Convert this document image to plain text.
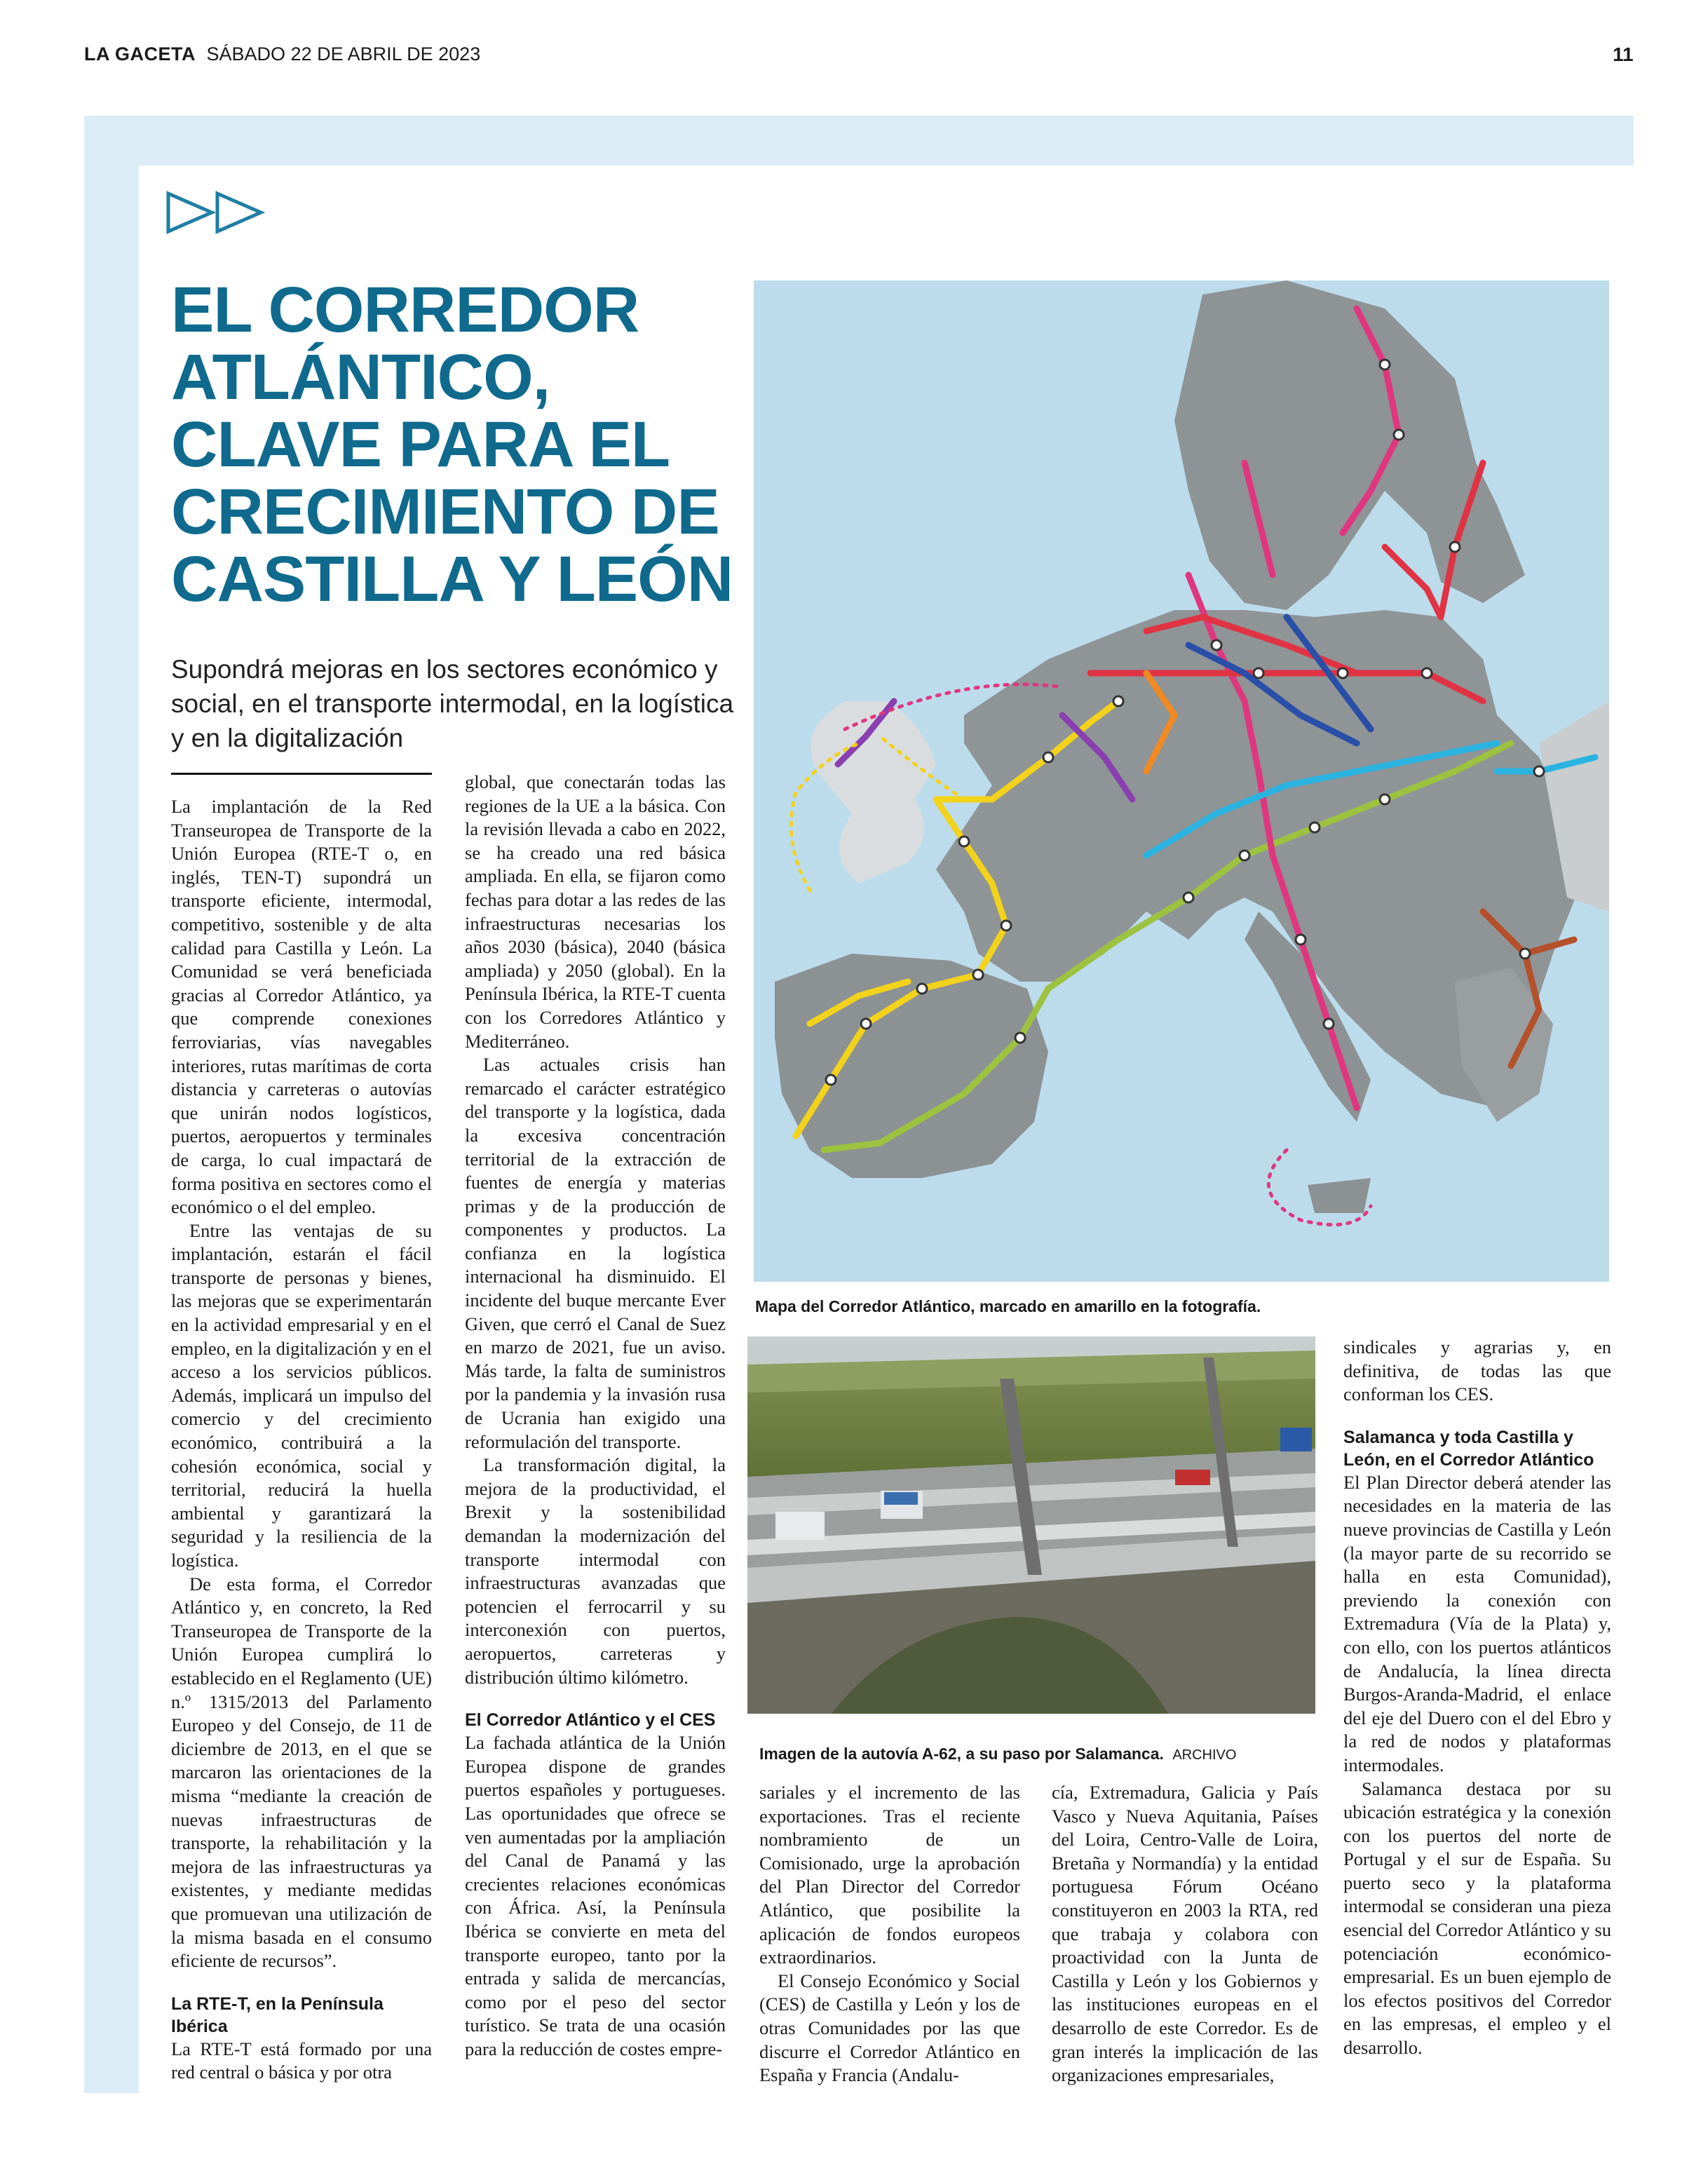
LA GACETA SÁBADO 22 DE ABRIL DE 2023	11
EL CORREDOR
ATLÁNTICO,
CLAVE PARA EL
CRECIMIENTO DE
CASTILLA Y LEÓN

Supondrá mejoras en los sectores económico y social, en el transporte intermodal, en la logística y en la digitalización

La implantación de la Red Transeuropea de Transporte de la Unión Europea (RTE-T o, en inglés, TEN-T) supondrá un transporte eficiente, intermodal, competitivo, sostenible y de alta calidad para Castilla y León. La Comunidad se verá beneficiada gracias al Corredor Atlántico, ya que comprende conexiones ferroviarias, vías navegables interiores, rutas marítimas de corta distancia y carreteras o autovías que unirán nodos logísticos, puertos, aeropuertos y terminales de carga, lo cual impactará de forma positiva en sectores como el económico o el del empleo.

Entre las ventajas de su implantación, estarán el fácil transporte de personas y bienes, las mejoras que se experimentarán en la actividad empresarial y en el empleo, en la digitalización y en el acceso a los servicios públicos. Además, implicará un impulso del comercio y del crecimiento económico, contribuirá a la cohesión económica, social y territorial, reducirá la huella ambiental y garantizará la seguridad y la resiliencia de la logística.

De esta forma, el Corredor Atlántico y, en concreto, la Red Transeuropea de Transporte de la Unión Europea cumplirá lo establecido en el Reglamento (UE) n.º 1315/2013 del Parlamento Europeo y del Consejo, de 11 de diciembre de 2013, en el que se marcaron las orientaciones de la misma “mediante la creación de nuevas infraestructuras de transporte, la rehabilitación y la mejora de las infraestructuras ya existentes, y mediante medidas que promuevan una utilización de la misma basada en el consumo eficiente de recursos”.

La RTE-T, en la Península Ibérica

La RTE-T está formado por una red central o básica y por otra

global, que conectarán todas las regiones de la UE a la básica. Con la revisión llevada a cabo en 2022, se ha creado una red básica ampliada. En ella, se fijaron como fechas para dotar a las redes de las infraestructuras necesarias los años 2030 (básica), 2040 (básica ampliada) y 2050 (global). En la Península Ibérica, la RTE-T cuenta con los Corredores Atlántico y Mediterráneo.

Las actuales crisis han remarcado el carácter estratégico del transporte y la logística, dada la excesiva concentración territorial de la extracción de fuentes de energía y materias primas y de la producción de componentes y productos. La confianza en la logística internacional ha disminuido. El incidente del buque mercante Ever Given, que cerró el Canal de Suez en marzo de 2021, fue un aviso. Más tarde, la falta de suministros por la pandemia y la invasión rusa de Ucrania han exigido una reformulación del transporte.

La transformación digital, la mejora de la productividad, el Brexit y la sostenibilidad demandan la modernización del transporte intermodal con infraestructuras avanzadas que potencien el ferrocarril y su interconexión con puertos, aeropuertos, carreteras y distribución último kilómetro.

El Corredor Atlántico y el CES

La fachada atlántica de la Unión Europea dispone de grandes puertos españoles y portugueses. Las oportunidades que ofrece se ven aumentadas por la ampliación del Canal de Panamá y las crecientes relaciones económicas con África. Así, la Península Ibérica se convierte en meta del transporte europeo, tanto por la entrada y salida de mercancías, como por el peso del sector turístico. Se trata de una ocasión para la reducción de costes empre-

Mapa del Corredor Atlántico, marcado en amarillo en la fotografía.
Imagen de la autovía A-62, a su paso por Salamanca. ARCHIVO

sariales y el incremento de las exportaciones. Tras el reciente nombramiento de un Comisionado, urge la aprobación del Plan Director del Corredor Atlántico, que posibilite la aplicación de fondos europeos extraordinarios.

El Consejo Económico y Social (CES) de Castilla y León y los de otras Comunidades por las que discurre el Corredor Atlántico en España y Francia (Andalu-

cía, Extremadura, Galicia y País Vasco y Nueva Aquitania, Países del Loira, Centro-Valle de Loira, Bretaña y Normandía) y la entidad portuguesa Fórum Océano constituyeron en 2003 la RTA, red que trabaja y colabora con proactividad con la Junta de Castilla y León y los Gobiernos y las instituciones europeas en el desarrollo de este Corredor. Es de gran interés la implicación de las organizaciones empresariales,

sindicales y agrarias y, en definitiva, de todas las que conforman los CES.

Salamanca y toda Castilla y León, en el Corredor Atlántico

El Plan Director deberá atender las necesidades en la materia de las nueve provincias de Castilla y León (la mayor parte de su recorrido se halla en esta Comunidad), previendo la conexión con Extremadura (Vía de la Plata) y, con ello, con los puertos atlánticos de Andalucía, la línea directa Burgos-Aranda-Madrid, el enlace del eje del Duero con el del Ebro y la red de nodos y plataformas intermodales.

Salamanca destaca por su ubicación estratégica y la conexión con los puertos del norte de Portugal y el sur de España. Su puerto seco y la plataforma intermodal se consideran una pieza esencial del Corredor Atlántico y su potenciación económico-empresarial. Es un buen ejemplo de los efectos positivos del Corredor en las empresas, el empleo y el desarrollo.
